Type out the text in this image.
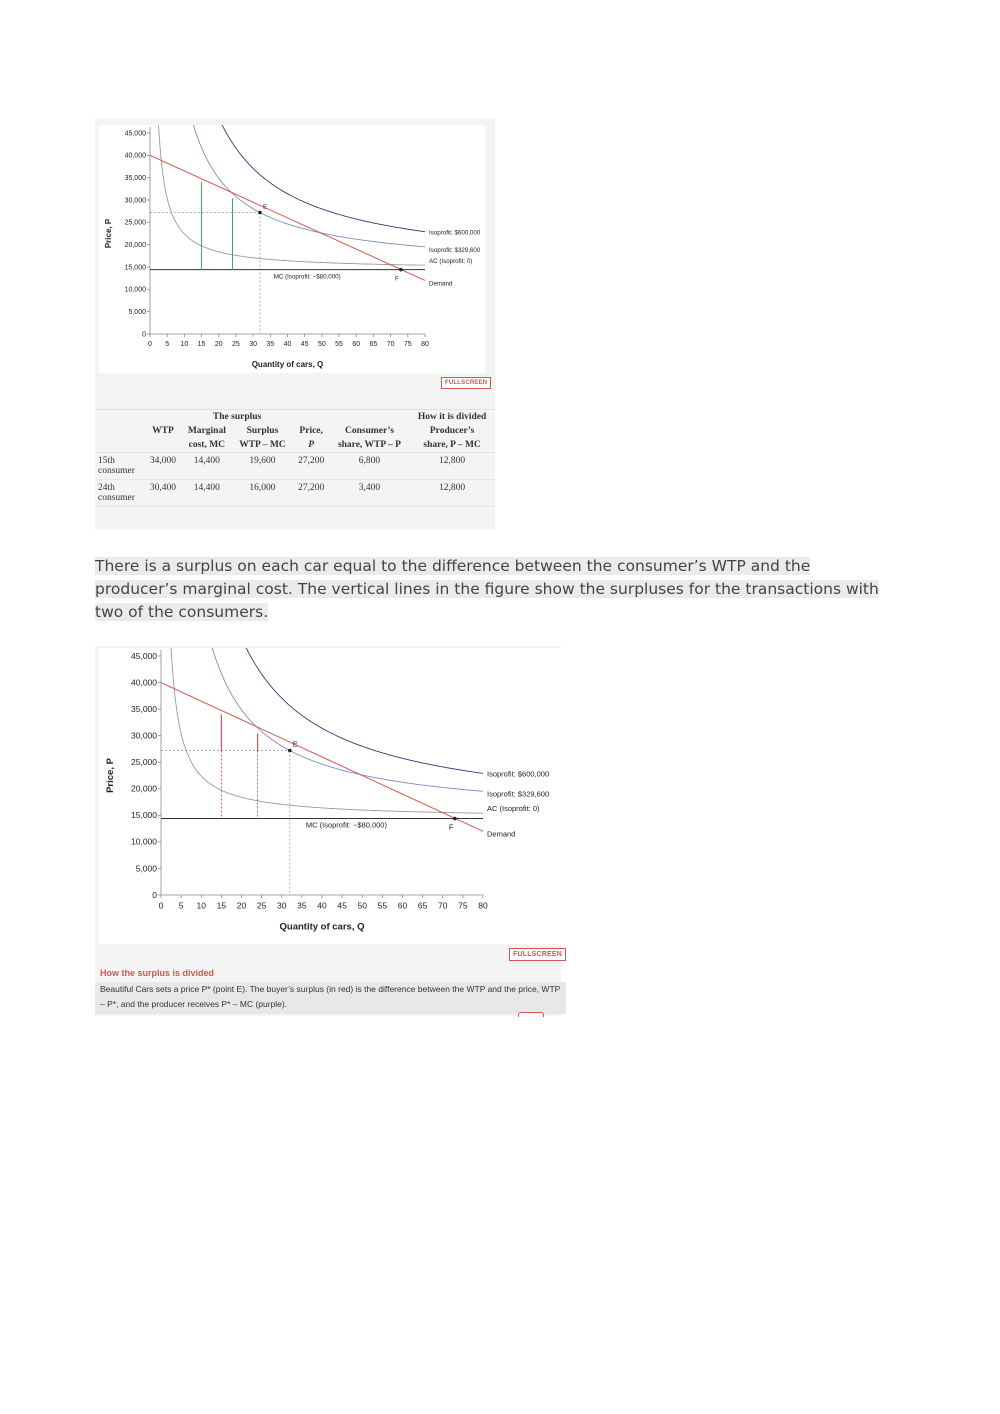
0
5,000
10,000
15,000
20,000
25,000
30,000
35,000
40,000
45,000
0 5 10 15 20 25 30 35 40 45 50 55 60 65 70 75 80
Quantity of cars, Q
Price, P
E
F
Isoprofit: $600,000
Isoprofit: $329,600
AC (Isoprofit: 0)
MC (Isoprofit: −$80,000)
Demand
FULLSCREEN
		The surplus				How it is divided
	WTP	Marginal	Surplus	Price,	Consumer’s	Producer’s
		cost, MC	WTP – MC	P	share, WTP – P	share, P – MC
15th
consumer	34,000	14,400	19,600	27,200	6,800	12,800
24th
consumer	30,400	14,400	16,000	27,200	3,400	12,800
There is a surplus on each car equal to the difference between the consumer’s WTP and the producer’s marginal cost. The vertical lines in the figure show the surpluses for the transactions with two of the consumers.
0
5,000
10,000
15,000
20,000
25,000
30,000
35,000
40,000
45,000
0 5 10 15 20 25 30 35 40 45 50 55 60 65 70 75 80
Quantity of cars, Q
Price, P
E
F
Isoprofit: $600,000
Isoprofit: $329,600
AC (Isoprofit: 0)
MC (Isoprofit: −$80,000)
Demand
FULLSCREEN
How the surplus is divided
Beautiful Cars sets a price P* (point E). The buyer’s surplus (in red) is the difference between the WTP and the price, WTP – P*, and the producer receives P* – MC (purple).
